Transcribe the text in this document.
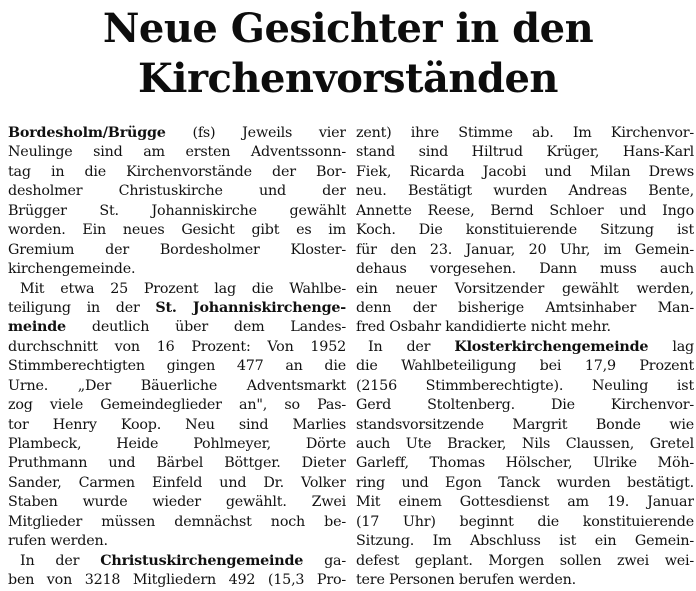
Neue Gesichter in den
Kirchenvorständen
Bordesholm/Brügge (fs) Jeweils vier
Neulinge sind am ersten Adventssonn-
tag in die Kirchenvorstände der Bor-
desholmer Christuskirche und der
Brügger St. Johanniskirche gewählt
worden. Ein neues Gesicht gibt es im
Gremium der Bordesholmer Kloster-
kirchengemeinde.
Mit etwa 25 Prozent lag die Wahlbe-
teiligung in der St. Johanniskirchenge-
meinde deutlich über dem Landes-
durchschnitt von 16 Prozent: Von 1952
Stimmberechtigten gingen 477 an die
Urne. „Der Bäuerliche Adventsmarkt
zog viele Gemeindeglieder an", so Pas-
tor Henry Koop. Neu sind Marlies
Plambeck, Heide Pohlmeyer, Dörte
Pruthmann und Bärbel Böttger. Dieter
Sander, Carmen Einfeld und Dr. Volker
Staben wurde wieder gewählt. Zwei
Mitglieder müssen demnächst noch be-
rufen werden.
In der Christuskirchengemeinde ga-
ben von 3218 Mitgliedern 492 (15,3 Pro-
zent) ihre Stimme ab. Im Kirchenvor-
stand sind Hiltrud Krüger, Hans-Karl
Fiek, Ricarda Jacobi und Milan Drews
neu. Bestätigt wurden Andreas Bente,
Annette Reese, Bernd Schloer und Ingo
Koch. Die konstituierende Sitzung ist
für den 23. Januar, 20 Uhr, im Gemein-
dehaus vorgesehen. Dann muss auch
ein neuer Vorsitzender gewählt werden,
denn der bisherige Amtsinhaber Man-
fred Osbahr kandidierte nicht mehr.
In der Klosterkirchengemeinde lag
die Wahlbeteiligung bei 17,9 Prozent
(2156 Stimmberechtigte). Neuling ist
Gerd Stoltenberg. Die Kirchenvor-
standsvorsitzende Margrit Bonde wie
auch Ute Bracker, Nils Claussen, Gretel
Garleff, Thomas Hölscher, Ulrike Möh-
ring und Egon Tanck wurden bestätigt.
Mit einem Gottesdienst am 19. Januar
(17 Uhr) beginnt die konstituierende
Sitzung. Im Abschluss ist ein Gemein-
defest geplant. Morgen sollen zwei wei-
tere Personen berufen werden.
